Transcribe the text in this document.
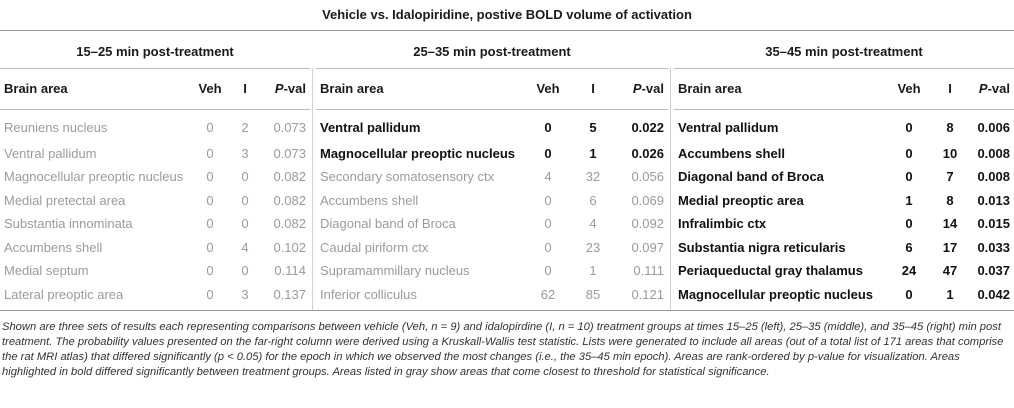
Vehicle vs. Idalopiridine, postive BOLD volume of activation
15–25 min post-treatment
Brain area	Veh	I	P-val
Reuniens nucleus	0	2	0.073
Ventral pallidum	0	3	0.073
Magnocellular preoptic nucleus	0	0	0.082
Medial pretectal area	0	0	0.082
Substantia innominata	0	0	0.082
Accumbens shell	0	4	0.102
Medial septum	0	0	0.114
Lateral preoptic area	0	3	0.137
25–35 min post-treatment
Brain area	Veh	I	P-val
Ventral pallidum	0	5	0.022
Magnocellular preoptic nucleus	0	1	0.026
Secondary somatosensory ctx	4	32	0.056
Accumbens shell	0	6	0.069
Diagonal band of Broca	0	4	0.092
Caudal piriform ctx	0	23	0.097
Supramammillary nucleus	0	1	0.111
Inferior colliculus	62	85	0.121
35–45 min post-treatment
Brain area	Veh	I	P-val
Ventral pallidum	0	8	0.006
Accumbens shell	0	10	0.008
Diagonal band of Broca	0	7	0.008
Medial preoptic area	1	8	0.013
Infralimbic ctx	0	14	0.015
Substantia nigra reticularis	6	17	0.033
Periaqueductal gray thalamus	24	47	0.037
Magnocellular preoptic nucleus	0	1	0.042
Shown are three sets of results each representing comparisons between vehicle (Veh, n = 9) and idalopirdine (I, n = 10) treatment groups at times 15–25 (left), 25–35 (middle), and 35–45 (right) min post treatment. The probability values presented on the far-right column were derived using a Kruskall-Wallis test statistic. Lists were generated to include all areas (out of a total list of 171 areas that comprise the rat MRI atlas) that differed significantly (p < 0.05) for the epoch in which we observed the most changes (i.e., the 35–45 min epoch). Areas are rank-ordered by p-value for visualization. Areas highlighted in bold differed significantly between treatment groups. Areas listed in gray show areas that come closest to threshold for statistical significance.
